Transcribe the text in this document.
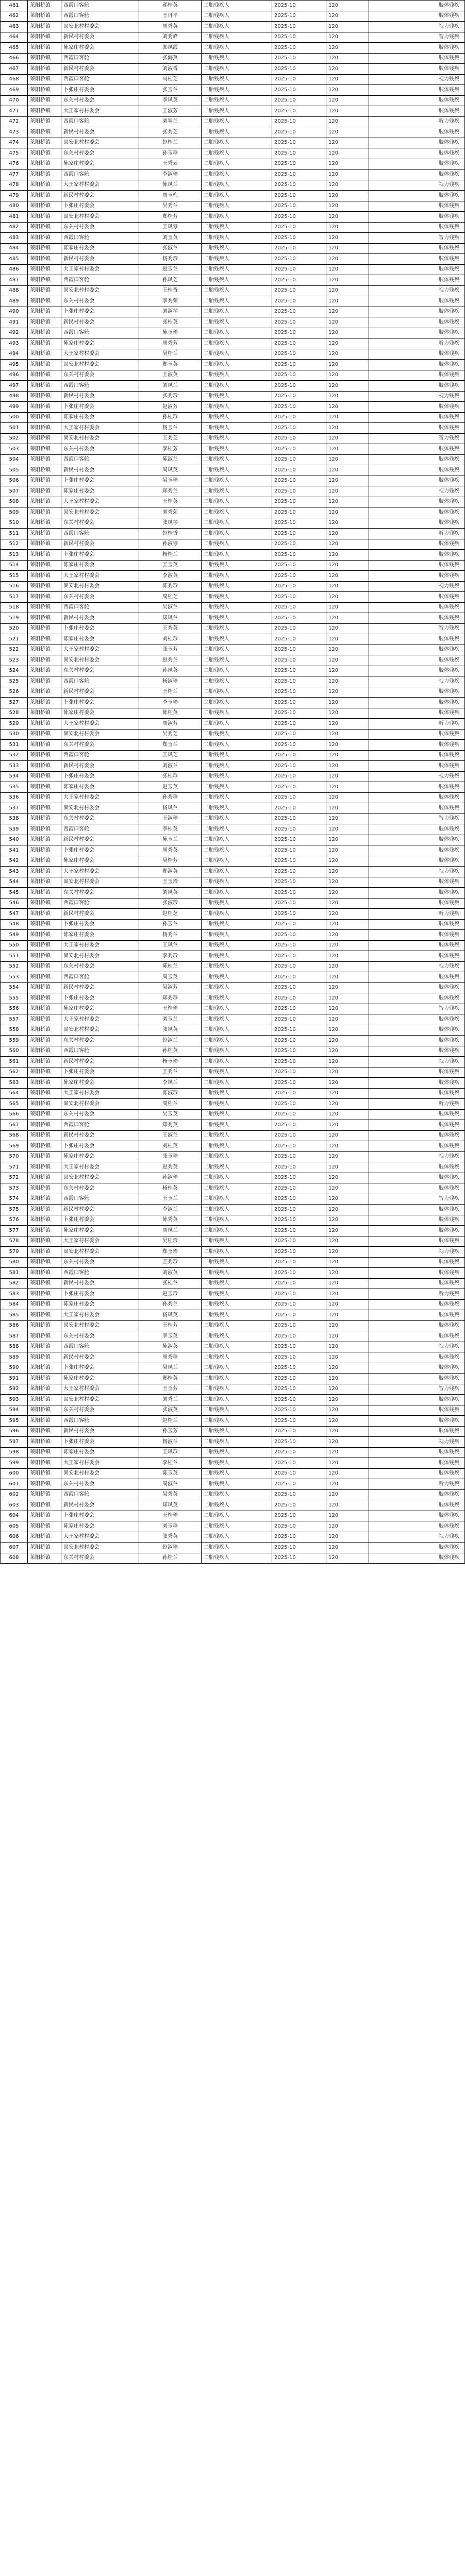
461	莱阳桥镇	西霞口客舱	郝桂英	二胎残疾人	2025-10	120	肢体残疾
462	莱阳桥镇	西霞口客舱	王丹平	二胎残疾人	2025-10	120	肢体残疾
463	莱阳桥镇	固安北村村委会	周秀英	二胎残疾人	2025-10	120	视力残疾
464	莱阳桥镇	新民村村委会	刘秀峰	二胎残疾人	2025-10	120	智力残疾
465	莱阳桥镇	陈家庄村委会	郭凤霞	二胎残疾人	2025-10	120	肢体残疾
466	莱阳桥镇	西霞口客舱	张海燕	二胎残疾人	2025-10	120	肢体残疾
467	莱阳桥镇	新民村村委会	刘淑香	二胎残疾人	2025-10	120	肢体残疾
468	莱阳桥镇	西霞口客舱	马桂芝	二胎残疾人	2025-10	120	视力残疾
469	莱阳桥镇	卜张庄村委会	张玉兰	二胎残疾人	2025-10	120	肢体残疾
470	莱阳桥镇	东关村村委会	李凤英	二胎残疾人	2025-10	120	肢体残疾
471	莱阳桥镇	大王家村村委会	王淑芳	二胎残疾人	2025-10	120	肢体残疾
472	莱阳桥镇	西霞口客舱	刘翠兰	二胎残疾人	2025-10	120	听力残疾
473	莱阳桥镇	新民村村委会	张秀芝	二胎残疾人	2025-10	120	肢体残疾
474	莱阳桥镇	固安北村村委会	赵桂兰	二胎残疾人	2025-10	120	肢体残疾
475	莱阳桥镇	东关村村委会	孙玉珍	二胎残疾人	2025-10	120	肢体残疾
476	莱阳桥镇	陈家庄村委会	王秀云	二胎残疾人	2025-10	120	肢体残疾
477	莱阳桥镇	西霞口客舱	李淑珍	二胎残疾人	2025-10	120	肢体残疾
478	莱阳桥镇	大王家村村委会	陈凤兰	二胎残疾人	2025-10	120	视力残疾
479	莱阳桥镇	新民村村委会	周玉梅	二胎残疾人	2025-10	120	肢体残疾
480	莱阳桥镇	卜张庄村委会	吴秀兰	二胎残疾人	2025-10	120	肢体残疾
481	莱阳桥镇	固安北村村委会	郑桂芳	二胎残疾人	2025-10	120	肢体残疾
482	莱阳桥镇	东关村村委会	王凤琴	二胎残疾人	2025-10	120	肢体残疾
483	莱阳桥镇	西霞口客舱	刘玉英	二胎残疾人	2025-10	120	智力残疾
484	莱阳桥镇	陈家庄村委会	张淑兰	二胎残疾人	2025-10	120	肢体残疾
485	莱阳桥镇	新民村村委会	杨秀珍	二胎残疾人	2025-10	120	肢体残疾
486	莱阳桥镇	大王家村村委会	赵玉兰	二胎残疾人	2025-10	120	肢体残疾
487	莱阳桥镇	西霞口客舱	孙凤芝	二胎残疾人	2025-10	120	肢体残疾
488	莱阳桥镇	固安北村村委会	王桂香	二胎残疾人	2025-10	120	视力残疾
489	莱阳桥镇	东关村村委会	李秀荣	二胎残疾人	2025-10	120	肢体残疾
490	莱阳桥镇	卜张庄村委会	刘淑琴	二胎残疾人	2025-10	120	肢体残疾
491	莱阳桥镇	新民村村委会	张桂英	二胎残疾人	2025-10	120	肢体残疾
492	莱阳桥镇	西霞口客舱	陈玉珍	二胎残疾人	2025-10	120	肢体残疾
493	莱阳桥镇	陈家庄村委会	周秀芳	二胎残疾人	2025-10	120	听力残疾
494	莱阳桥镇	大王家村村委会	吴桂兰	二胎残疾人	2025-10	120	肢体残疾
495	莱阳桥镇	固安北村村委会	郑玉英	二胎残疾人	2025-10	120	肢体残疾
496	莱阳桥镇	东关村村委会	王淑英	二胎残疾人	2025-10	120	肢体残疾
497	莱阳桥镇	西霞口客舱	刘凤兰	二胎残疾人	2025-10	120	肢体残疾
498	莱阳桥镇	新民村村委会	张秀珍	二胎残疾人	2025-10	120	视力残疾
499	莱阳桥镇	卜张庄村委会	赵淑芳	二胎残疾人	2025-10	120	肢体残疾
500	莱阳桥镇	陈家庄村委会	孙桂珍	二胎残疾人	2025-10	120	肢体残疾
501	莱阳桥镇	大王家村村委会	杨玉兰	二胎残疾人	2025-10	120	肢体残疾
502	莱阳桥镇	固安北村村委会	王秀芝	二胎残疾人	2025-10	120	智力残疾
503	莱阳桥镇	东关村村委会	李桂芳	二胎残疾人	2025-10	120	肢体残疾
504	莱阳桥镇	西霞口客舱	陈淑兰	二胎残疾人	2025-10	120	肢体残疾
505	莱阳桥镇	新民村村委会	周凤英	二胎残疾人	2025-10	120	肢体残疾
506	莱阳桥镇	卜张庄村委会	吴玉珍	二胎残疾人	2025-10	120	肢体残疾
507	莱阳桥镇	陈家庄村委会	郑秀兰	二胎残疾人	2025-10	120	视力残疾
508	莱阳桥镇	大王家村村委会	王桂英	二胎残疾人	2025-10	120	肢体残疾
509	莱阳桥镇	固安北村村委会	刘秀荣	二胎残疾人	2025-10	120	肢体残疾
510	莱阳桥镇	东关村村委会	张凤琴	二胎残疾人	2025-10	120	肢体残疾
511	莱阳桥镇	西霞口客舱	赵桂香	二胎残疾人	2025-10	120	听力残疾
512	莱阳桥镇	新民村村委会	孙淑琴	二胎残疾人	2025-10	120	肢体残疾
513	莱阳桥镇	卜张庄村委会	杨桂兰	二胎残疾人	2025-10	120	肢体残疾
514	莱阳桥镇	陈家庄村委会	王玉英	二胎残疾人	2025-10	120	肢体残疾
515	莱阳桥镇	大王家村村委会	李淑英	二胎残疾人	2025-10	120	肢体残疾
516	莱阳桥镇	固安北村村委会	陈秀珍	二胎残疾人	2025-10	120	视力残疾
517	莱阳桥镇	东关村村委会	周桂芝	二胎残疾人	2025-10	120	肢体残疾
518	莱阳桥镇	西霞口客舱	吴淑兰	二胎残疾人	2025-10	120	肢体残疾
519	莱阳桥镇	新民村村委会	郑凤兰	二胎残疾人	2025-10	120	肢体残疾
520	莱阳桥镇	卜张庄村委会	王秀英	二胎残疾人	2025-10	120	智力残疾
521	莱阳桥镇	陈家庄村委会	刘桂珍	二胎残疾人	2025-10	120	肢体残疾
522	莱阳桥镇	大王家村村委会	张玉芳	二胎残疾人	2025-10	120	肢体残疾
523	莱阳桥镇	固安北村村委会	赵秀兰	二胎残疾人	2025-10	120	肢体残疾
524	莱阳桥镇	东关村村委会	孙凤英	二胎残疾人	2025-10	120	肢体残疾
525	莱阳桥镇	西霞口客舱	杨淑珍	二胎残疾人	2025-10	120	视力残疾
526	莱阳桥镇	新民村村委会	王桂兰	二胎残疾人	2025-10	120	肢体残疾
527	莱阳桥镇	卜张庄村委会	李玉珍	二胎残疾人	2025-10	120	肢体残疾
528	莱阳桥镇	陈家庄村委会	陈桂英	二胎残疾人	2025-10	120	肢体残疾
529	莱阳桥镇	大王家村村委会	周淑芳	二胎残疾人	2025-10	120	听力残疾
530	莱阳桥镇	固安北村村委会	吴秀芝	二胎残疾人	2025-10	120	肢体残疾
531	莱阳桥镇	东关村村委会	郑玉兰	二胎残疾人	2025-10	120	肢体残疾
532	莱阳桥镇	西霞口客舱	王凤芝	二胎残疾人	2025-10	120	肢体残疾
533	莱阳桥镇	新民村村委会	刘淑兰	二胎残疾人	2025-10	120	肢体残疾
534	莱阳桥镇	卜张庄村委会	张桂珍	二胎残疾人	2025-10	120	视力残疾
535	莱阳桥镇	陈家庄村委会	赵玉英	二胎残疾人	2025-10	120	肢体残疾
536	莱阳桥镇	大王家村村委会	孙秀珍	二胎残疾人	2025-10	120	肢体残疾
537	莱阳桥镇	固安北村村委会	杨凤兰	二胎残疾人	2025-10	120	肢体残疾
538	莱阳桥镇	东关村村委会	王淑珍	二胎残疾人	2025-10	120	智力残疾
539	莱阳桥镇	西霞口客舱	李桂英	二胎残疾人	2025-10	120	肢体残疾
540	莱阳桥镇	新民村村委会	陈玉兰	二胎残疾人	2025-10	120	肢体残疾
541	莱阳桥镇	卜张庄村委会	周秀英	二胎残疾人	2025-10	120	肢体残疾
542	莱阳桥镇	陈家庄村委会	吴桂芳	二胎残疾人	2025-10	120	肢体残疾
543	莱阳桥镇	大王家村村委会	郑淑英	二胎残疾人	2025-10	120	视力残疾
544	莱阳桥镇	固安北村村委会	王玉珍	二胎残疾人	2025-10	120	肢体残疾
545	莱阳桥镇	东关村村委会	刘凤英	二胎残疾人	2025-10	120	肢体残疾
546	莱阳桥镇	西霞口客舱	张淑珍	二胎残疾人	2025-10	120	肢体残疾
547	莱阳桥镇	新民村村委会	赵桂芝	二胎残疾人	2025-10	120	听力残疾
548	莱阳桥镇	卜张庄村委会	孙玉兰	二胎残疾人	2025-10	120	肢体残疾
549	莱阳桥镇	陈家庄村委会	杨秀兰	二胎残疾人	2025-10	120	肢体残疾
550	莱阳桥镇	大王家村村委会	王凤兰	二胎残疾人	2025-10	120	肢体残疾
551	莱阳桥镇	固安北村村委会	李秀珍	二胎残疾人	2025-10	120	肢体残疾
552	莱阳桥镇	东关村村委会	陈桂兰	二胎残疾人	2025-10	120	视力残疾
553	莱阳桥镇	西霞口客舱	周玉英	二胎残疾人	2025-10	120	肢体残疾
554	莱阳桥镇	新民村村委会	吴淑芳	二胎残疾人	2025-10	120	肢体残疾
555	莱阳桥镇	卜张庄村委会	郑秀珍	二胎残疾人	2025-10	120	肢体残疾
556	莱阳桥镇	陈家庄村委会	王桂珍	二胎残疾人	2025-10	120	智力残疾
557	莱阳桥镇	大王家村村委会	刘玉兰	二胎残疾人	2025-10	120	肢体残疾
558	莱阳桥镇	固安北村村委会	张凤英	二胎残疾人	2025-10	120	肢体残疾
559	莱阳桥镇	东关村村委会	赵淑兰	二胎残疾人	2025-10	120	肢体残疾
560	莱阳桥镇	西霞口客舱	孙桂英	二胎残疾人	2025-10	120	肢体残疾
561	莱阳桥镇	新民村村委会	杨玉珍	二胎残疾人	2025-10	120	视力残疾
562	莱阳桥镇	卜张庄村委会	王秀兰	二胎残疾人	2025-10	120	肢体残疾
563	莱阳桥镇	陈家庄村委会	李凤兰	二胎残疾人	2025-10	120	肢体残疾
564	莱阳桥镇	大王家村村委会	陈淑珍	二胎残疾人	2025-10	120	肢体残疾
565	莱阳桥镇	固安北村村委会	周桂兰	二胎残疾人	2025-10	120	听力残疾
566	莱阳桥镇	东关村村委会	吴玉英	二胎残疾人	2025-10	120	肢体残疾
567	莱阳桥镇	西霞口客舱	郑秀英	二胎残疾人	2025-10	120	肢体残疾
568	莱阳桥镇	新民村村委会	王淑兰	二胎残疾人	2025-10	120	肢体残疾
569	莱阳桥镇	卜张庄村委会	刘桂英	二胎残疾人	2025-10	120	肢体残疾
570	莱阳桥镇	陈家庄村委会	张玉珍	二胎残疾人	2025-10	120	视力残疾
571	莱阳桥镇	大王家村村委会	赵秀英	二胎残疾人	2025-10	120	肢体残疾
572	莱阳桥镇	固安北村村委会	孙淑珍	二胎残疾人	2025-10	120	肢体残疾
573	莱阳桥镇	东关村村委会	杨桂英	二胎残疾人	2025-10	120	肢体残疾
574	莱阳桥镇	西霞口客舱	王玉兰	二胎残疾人	2025-10	120	智力残疾
575	莱阳桥镇	新民村村委会	李淑兰	二胎残疾人	2025-10	120	肢体残疾
576	莱阳桥镇	卜张庄村委会	陈秀英	二胎残疾人	2025-10	120	肢体残疾
577	莱阳桥镇	陈家庄村委会	周凤兰	二胎残疾人	2025-10	120	肢体残疾
578	莱阳桥镇	大王家村村委会	吴桂珍	二胎残疾人	2025-10	120	肢体残疾
579	莱阳桥镇	固安北村村委会	郑玉珍	二胎残疾人	2025-10	120	视力残疾
580	莱阳桥镇	东关村村委会	王秀珍	二胎残疾人	2025-10	120	肢体残疾
581	莱阳桥镇	西霞口客舱	刘淑英	二胎残疾人	2025-10	120	肢体残疾
582	莱阳桥镇	新民村村委会	张桂兰	二胎残疾人	2025-10	120	肢体残疾
583	莱阳桥镇	卜张庄村委会	赵玉珍	二胎残疾人	2025-10	120	听力残疾
584	莱阳桥镇	陈家庄村委会	孙秀兰	二胎残疾人	2025-10	120	肢体残疾
585	莱阳桥镇	大王家村村委会	杨凤英	二胎残疾人	2025-10	120	肢体残疾
586	莱阳桥镇	固安北村村委会	王桂芳	二胎残疾人	2025-10	120	肢体残疾
587	莱阳桥镇	东关村村委会	李玉英	二胎残疾人	2025-10	120	肢体残疾
588	莱阳桥镇	西霞口客舱	陈淑英	二胎残疾人	2025-10	120	视力残疾
589	莱阳桥镇	新民村村委会	周秀珍	二胎残疾人	2025-10	120	肢体残疾
590	莱阳桥镇	卜张庄村委会	吴凤兰	二胎残疾人	2025-10	120	肢体残疾
591	莱阳桥镇	陈家庄村委会	郑桂英	二胎残疾人	2025-10	120	肢体残疾
592	莱阳桥镇	大王家村村委会	王玉芳	二胎残疾人	2025-10	120	智力残疾
593	莱阳桥镇	固安北村村委会	刘秀兰	二胎残疾人	2025-10	120	肢体残疾
594	莱阳桥镇	东关村村委会	张淑英	二胎残疾人	2025-10	120	肢体残疾
595	莱阳桥镇	西霞口客舱	赵桂兰	二胎残疾人	2025-10	120	肢体残疾
596	莱阳桥镇	新民村村委会	孙玉芳	二胎残疾人	2025-10	120	肢体残疾
597	莱阳桥镇	卜张庄村委会	杨淑兰	二胎残疾人	2025-10	120	视力残疾
598	莱阳桥镇	陈家庄村委会	王凤珍	二胎残疾人	2025-10	120	肢体残疾
599	莱阳桥镇	大王家村村委会	李桂兰	二胎残疾人	2025-10	120	肢体残疾
600	莱阳桥镇	固安北村村委会	陈玉英	二胎残疾人	2025-10	120	肢体残疾
601	莱阳桥镇	东关村村委会	周淑兰	二胎残疾人	2025-10	120	听力残疾
602	莱阳桥镇	西霞口客舱	吴秀英	二胎残疾人	2025-10	120	肢体残疾
603	莱阳桥镇	新民村村委会	郑凤英	二胎残疾人	2025-10	120	肢体残疾
604	莱阳桥镇	卜张庄村委会	王桂珍	二胎残疾人	2025-10	120	肢体残疾
605	莱阳桥镇	陈家庄村委会	刘玉珍	二胎残疾人	2025-10	120	肢体残疾
606	莱阳桥镇	大王家村村委会	张秀英	二胎残疾人	2025-10	120	视力残疾
607	莱阳桥镇	固安北村村委会	赵淑珍	二胎残疾人	2025-10	120	肢体残疾
608	莱阳桥镇	东关村村委会	孙桂兰	二胎残疾人	2025-10	120	肢体残疾
